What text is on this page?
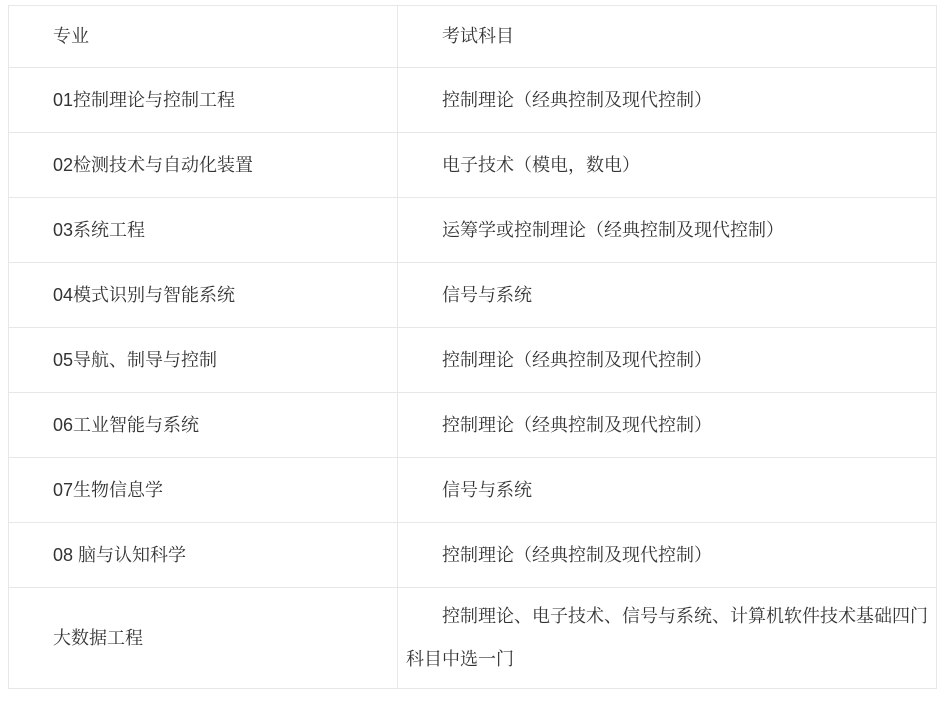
专业	考试科目
01控制理论与控制工程	控制理论（经典控制及现代控制）
02检测技术与自动化装置	电子技术（模电，数电）
03系统工程	运筹学或控制理论（经典控制及现代控制）
04模式识别与智能系统	信号与系统
05导航、制导与控制	控制理论（经典控制及现代控制）
06工业智能与系统	控制理论（经典控制及现代控制）
07生物信息学	信号与系统
08 脑与认知科学	控制理论（经典控制及现代控制）
大数据工程	控制理论、电子技术、信号与系统、计算机软件技术基础四门科目中选一门
